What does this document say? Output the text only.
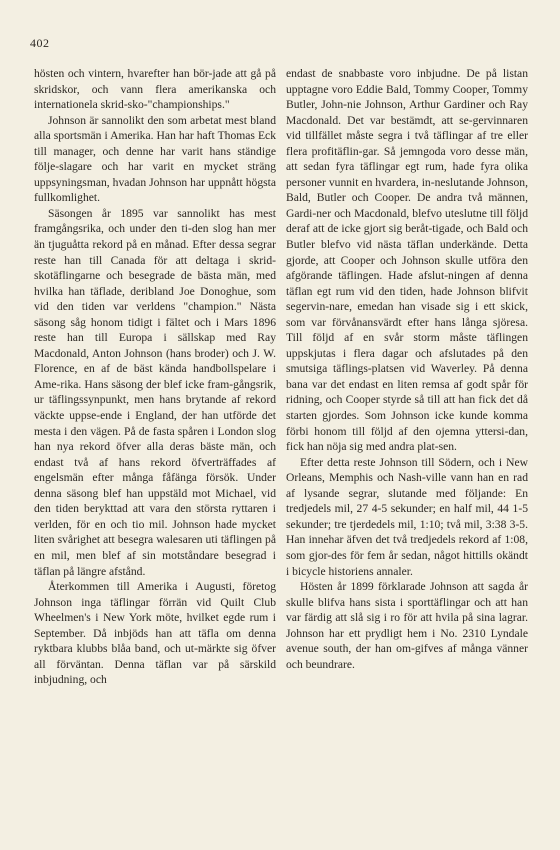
402

hösten och vintern, hvarefter han bör-jade att gå på skridskor, och vann flera amerikanska och internationela skrid-sko-"championships."

Johnson är sannolikt den som arbetat mest bland alla sportsmän i Amerika. Han har haft Thomas Eck till manager, och denne har varit hans ständige följe-slagare och har varit en mycket sträng uppsyningsman, hvadan Johnson har uppnått högsta fullkomlighet.

Säsongen år 1895 var sannolikt has mest framgångsrika, och under den ti-den slog han mer än tjuguåtta rekord på en månad. Efter dessa segrar reste han till Canada för att deltaga i skrid-skotäflingarne och besegrade de bästa män, med hvilka han täflade, deribland Joe Donoghue, som vid den tiden var verldens "champion." Nästa säsong såg honom tidigt i fältet och i Mars 1896 reste han till Europa i sällskap med Ray Macdonald, Anton Johnson (hans broder) och J. W. Florence, en af de bäst kända handbollspelare i Ame-rika. Hans säsong der blef icke fram-gångsrik, ur täflingssynpunkt, men hans brytande af rekord väckte uppse-ende i England, der han utförde det mesta i den vägen. På de fasta spåren i London slog han nya rekord öfver alla deras bäste män, och endast två af hans rekord öfverträffades af engelsmän efter många fåfänga försök. Under denna säsong blef han uppstäld mot Michael, vid den tiden berykttad att vara den största ryttaren i verlden, för en och tio mil. Johnson hade mycket liten svårighet att besegra walesaren uti täflingen på en mil, men blef af sin motståndare besegrad i täflan på längre afstånd.

Återkommen till Amerika i Augusti, företog Johnson inga täflingar förrän vid Quilt Club Wheelmen's i New York möte, hvilket egde rum i September. Då inbjöds han att täfla om denna ryktbara klubbs blåa band, och ut-märkte sig öfver all förväntan. Denna täflan var på särskild inbjudning, och

endast de snabbaste voro inbjudne. De på listan upptagne voro Eddie Bald, Tommy Cooper, Tommy Butler, John-nie Johnson, Arthur Gardiner och Ray Macdonald. Det var bestämdt, att se-gervinnaren vid tillfället måste segra i två täflingar af tre eller flera profitäflin-gar. Så jemngoda voro desse män, att sedan fyra täflingar egt rum, hade fyra olika personer vunnit en hvardera, in-neslutande Johnson, Bald, Butler och Cooper. De andra två männen, Gardi-ner och Macdonald, blefvo uteslutne till följd deraf att de icke gjort sig beråt-tigade, och Bald och Butler blefvo vid nästa täflan underkände. Detta gjorde, att Cooper och Johnson skulle utföra den afgörande täflingen. Hade afslut-ningen af denna täflan egt rum vid den tiden, hade Johnson blifvit segervin-nare, emedan han visade sig i ett skick, som var förvånansvärdt efter hans långa sjöresa. Till följd af en svår storm måste täflingen uppskjutas i flera dagar och afslutades på den smutsiga täflings-platsen vid Waverley. På denna bana var det endast en liten remsa af godt spår för ridning, och Cooper styrde så till att han fick det då starten gjordes. Som Johnson icke kunde komma förbi honom till följd af den ojemna yttersi-dan, fick han nöja sig med andra plat-sen.

Efter detta reste Johnson till Södern, och i New Orleans, Memphis och Nash-ville vann han en rad af lysande segrar, slutande med följande: En tredjedels mil, 27 4-5 sekunder; en half mil, 44 1-5 sekunder; tre tjerdedels mil, 1:10; två mil, 3:38 3-5. Han innehar äfven det två tredjedels rekord af 1:08, som gjor-des för fem år sedan, något hittills okändt i bicycle historiens annaler.

Hösten år 1899 förklarade Johnson att sagda år skulle blifva hans sista i sporttäflingar och att han var färdig att slå sig i ro för att hvila på sina lagrar. Johnson har ett prydligt hem i No. 2310 Lyndale avenue south, der han om-gifves af många vänner och beundrare.
